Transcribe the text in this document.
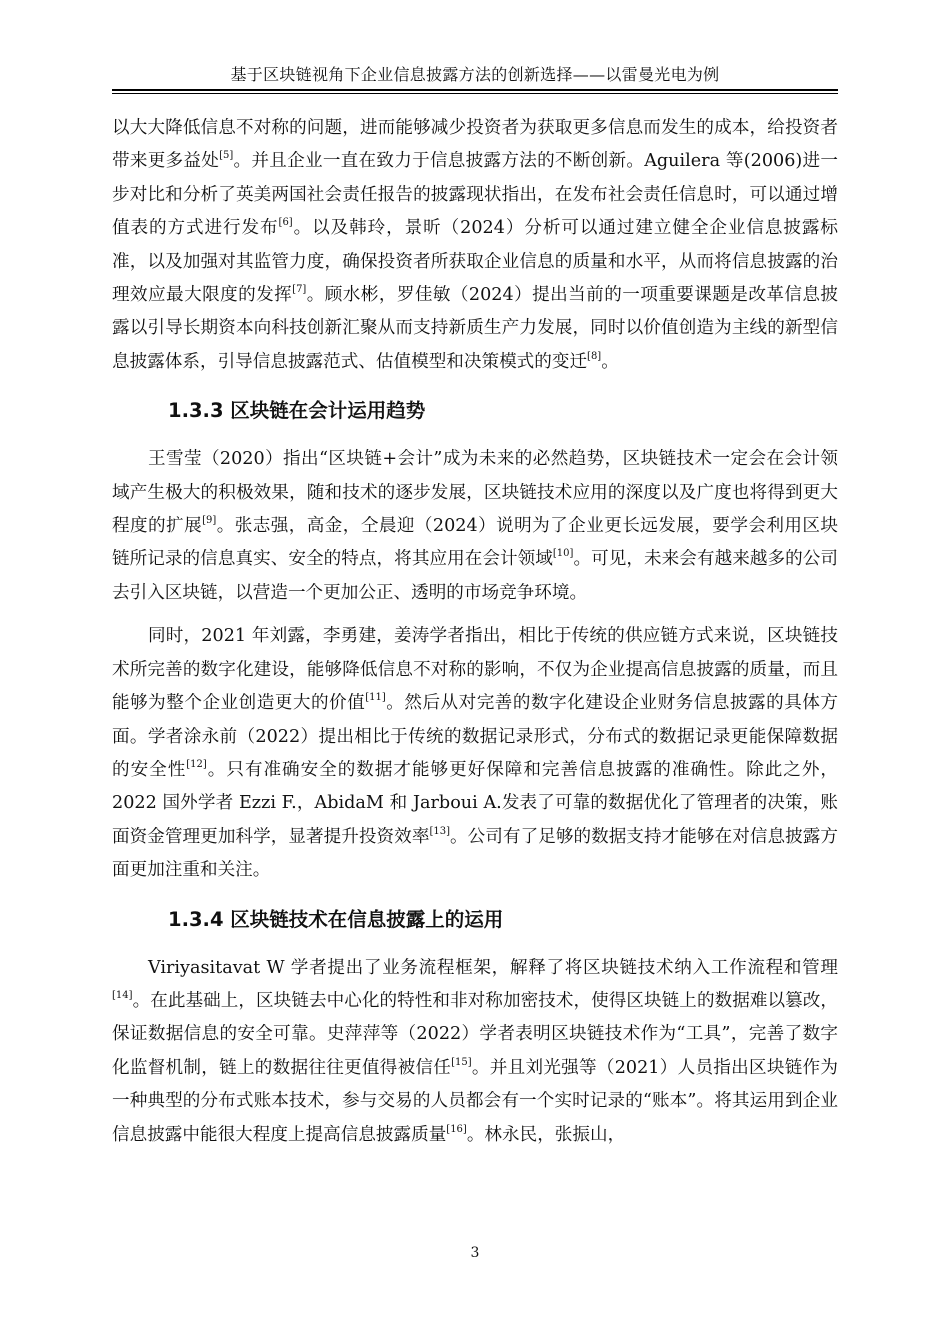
基于区块链视角下企业信息披露方法的创新选择——以雷曼光电为例

以大大降低信息不对称的问题，进而能够减少投资者为获取更多信息而发生的成本，给投资者带来更多益处[5]。并且企业一直在致力于信息披露方法的不断创新。Aguilera 等(2006)进一步对比和分析了英美两国社会责任报告的披露现状指出，在发布社会责任信息时，可以通过增值表的方式进行发布[6]。以及韩玲，景昕（2024）分析可以通过建立健全企业信息披露标准，以及加强对其监管力度，确保投资者所获取企业信息的质量和水平，从而将信息披露的治理效应最大限度的发挥[7]。顾水彬，罗佳敏（2024）提出当前的一项重要课题是改革信息披露以引导长期资本向科技创新汇聚从而支持新质生产力发展，同时以价值创造为主线的新型信息披露体系，引导信息披露范式、估值模型和决策模式的变迁[8]。

1.3.3 区块链在会计运用趋势

王雪莹（2020）指出“区块链+会计”成为未来的必然趋势，区块链技术一定会在会计领域产生极大的积极效果，随和技术的逐步发展，区块链技术应用的深度以及广度也将得到更大程度的扩展[9]。张志强，高金，仝晨迎（2024）说明为了企业更长远发展，要学会利用区块链所记录的信息真实、安全的特点，将其应用在会计领域[10]。可见，未来会有越来越多的公司去引入区块链，以营造一个更加公正、透明的市场竞争环境。

同时，2021 年刘露，李勇建，姜涛学者指出，相比于传统的供应链方式来说，区块链技术所完善的数字化建设，能够降低信息不对称的影响，不仅为企业提高信息披露的质量，而且能够为整个企业创造更大的价值[11]。然后从对完善的数字化建设企业财务信息披露的具体方面。学者涂永前（2022）提出相比于传统的数据记录形式，分布式的数据记录更能保障数据的安全性[12]。只有准确安全的数据才能够更好保障和完善信息披露的准确性。除此之外，2022 国外学者 Ezzi F.，AbidaM 和 Jarboui A.发表了可靠的数据优化了管理者的决策，账面资金管理更加科学，显著提升投资效率[13]。公司有了足够的数据支持才能够在对信息披露方面更加注重和关注。

1.3.4 区块链技术在信息披露上的运用

Viriyasitavat W 学者提出了业务流程框架，解释了将区块链技术纳入工作流程和管理[14]。在此基础上，区块链去中心化的特性和非对称加密技术，使得区块链上的数据难以篡改，保证数据信息的安全可靠。史萍萍等（2022）学者表明区块链技术作为“工具”，完善了数字化监督机制，链上的数据往往更值得被信任[15]。并且刘光强等（2021）人员指出区块链作为一种典型的分布式账本技术，参与交易的人员都会有一个实时记录的“账本”。将其运用到企业信息披露中能很大程度上提高信息披露质量[16]。林永民，张振山，

3
